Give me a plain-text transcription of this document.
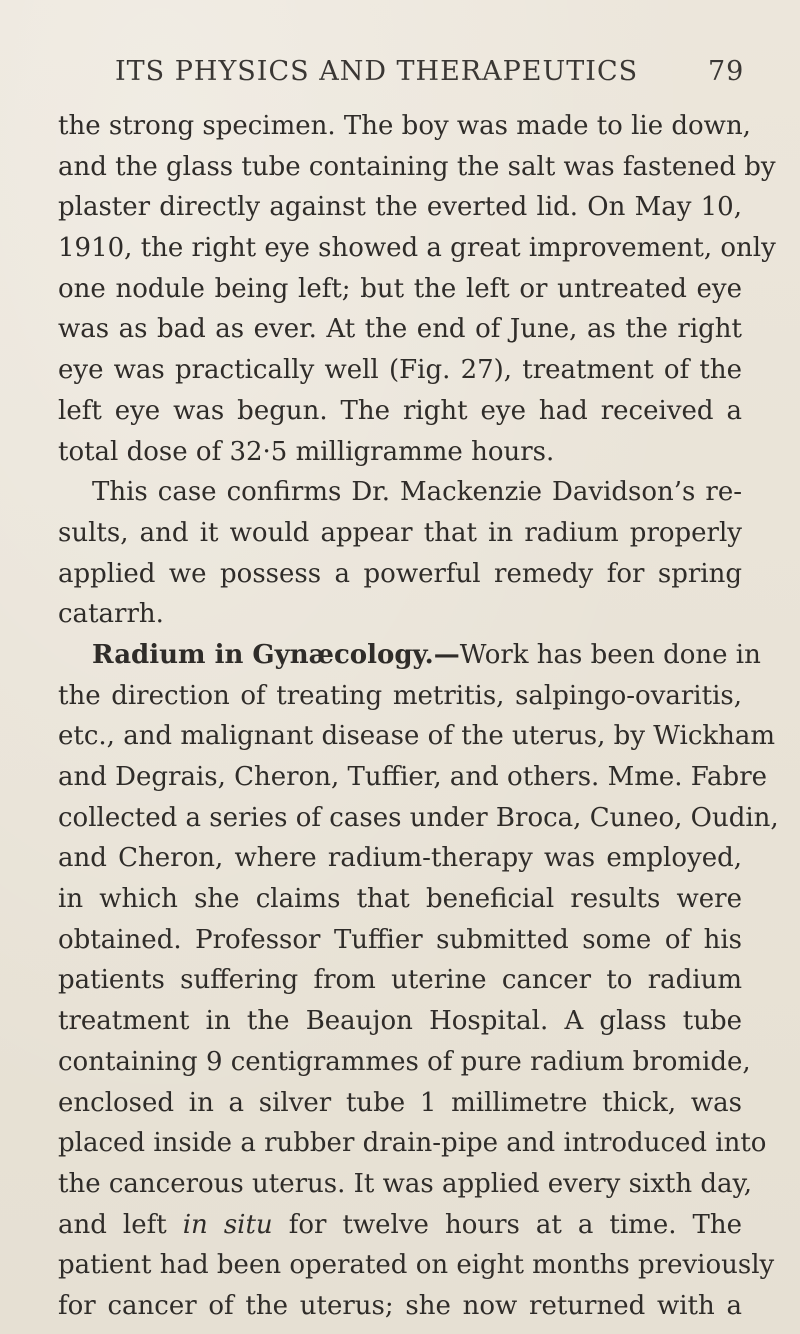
ITS PHYSICS AND THERAPEUTICS	79
the strong specimen. The boy was made to lie down,
and the glass tube containing the salt was fastened by
plaster directly against the everted lid. On May 10,
1910, the right eye showed a great improvement, only
one nodule being left; but the left or untreated eye
was as bad as ever. At the end of June, as the right
eye was practically well (Fig. 27), treatment of the
left eye was begun. The right eye had received a
total dose of 32·5 milligramme hours.
This case confirms Dr. Mackenzie Davidson’s re-
sults, and it would appear that in radium properly
applied we possess a powerful remedy for spring
catarrh.
Radium in Gynæcology.—Work has been done in
the direction of treating metritis, salpingo-ovaritis,
etc., and malignant disease of the uterus, by Wickham
and Degrais, Cheron, Tuffier, and others. Mme. Fabre
collected a series of cases under Broca, Cuneo, Oudin,
and Cheron, where radium-therapy was employed,
in which she claims that beneficial results were
obtained. Professor Tuffier submitted some of his
patients suffering from uterine cancer to radium
treatment in the Beaujon Hospital. A glass tube
containing 9 centigrammes of pure radium bromide,
enclosed in a silver tube 1 millimetre thick, was
placed inside a rubber drain-pipe and introduced into
the cancerous uterus. It was applied every sixth day,
and left in situ for twelve hours at a time. The
patient had been operated on eight months previously
for cancer of the uterus; she now returned with a
